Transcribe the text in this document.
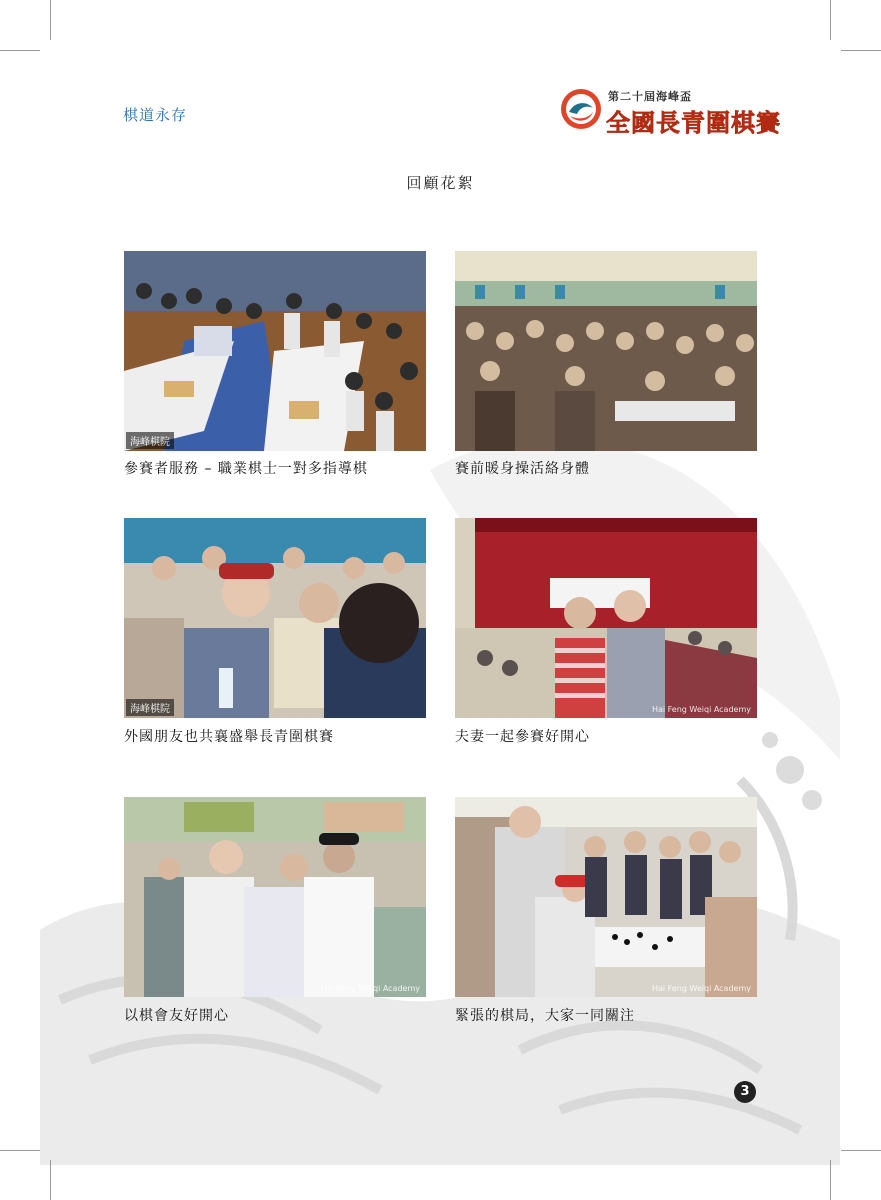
棋道永存
第二十屆海峰盃
全國長青圍棋賽
回顧花絮
海峰棋院
參賽者服務 – 職業棋士一對多指導棋	賽前暖身操活絡身體
海峰棋院
外國朋友也共襄盛舉長青圍棋賽
Hai Feng Weiqi Academy
夫妻一起參賽好開心
Hai Feng Weiqi Academy
以棋會友好開心
Hai Feng Weiqi Academy
緊張的棋局，大家一同關注
3
